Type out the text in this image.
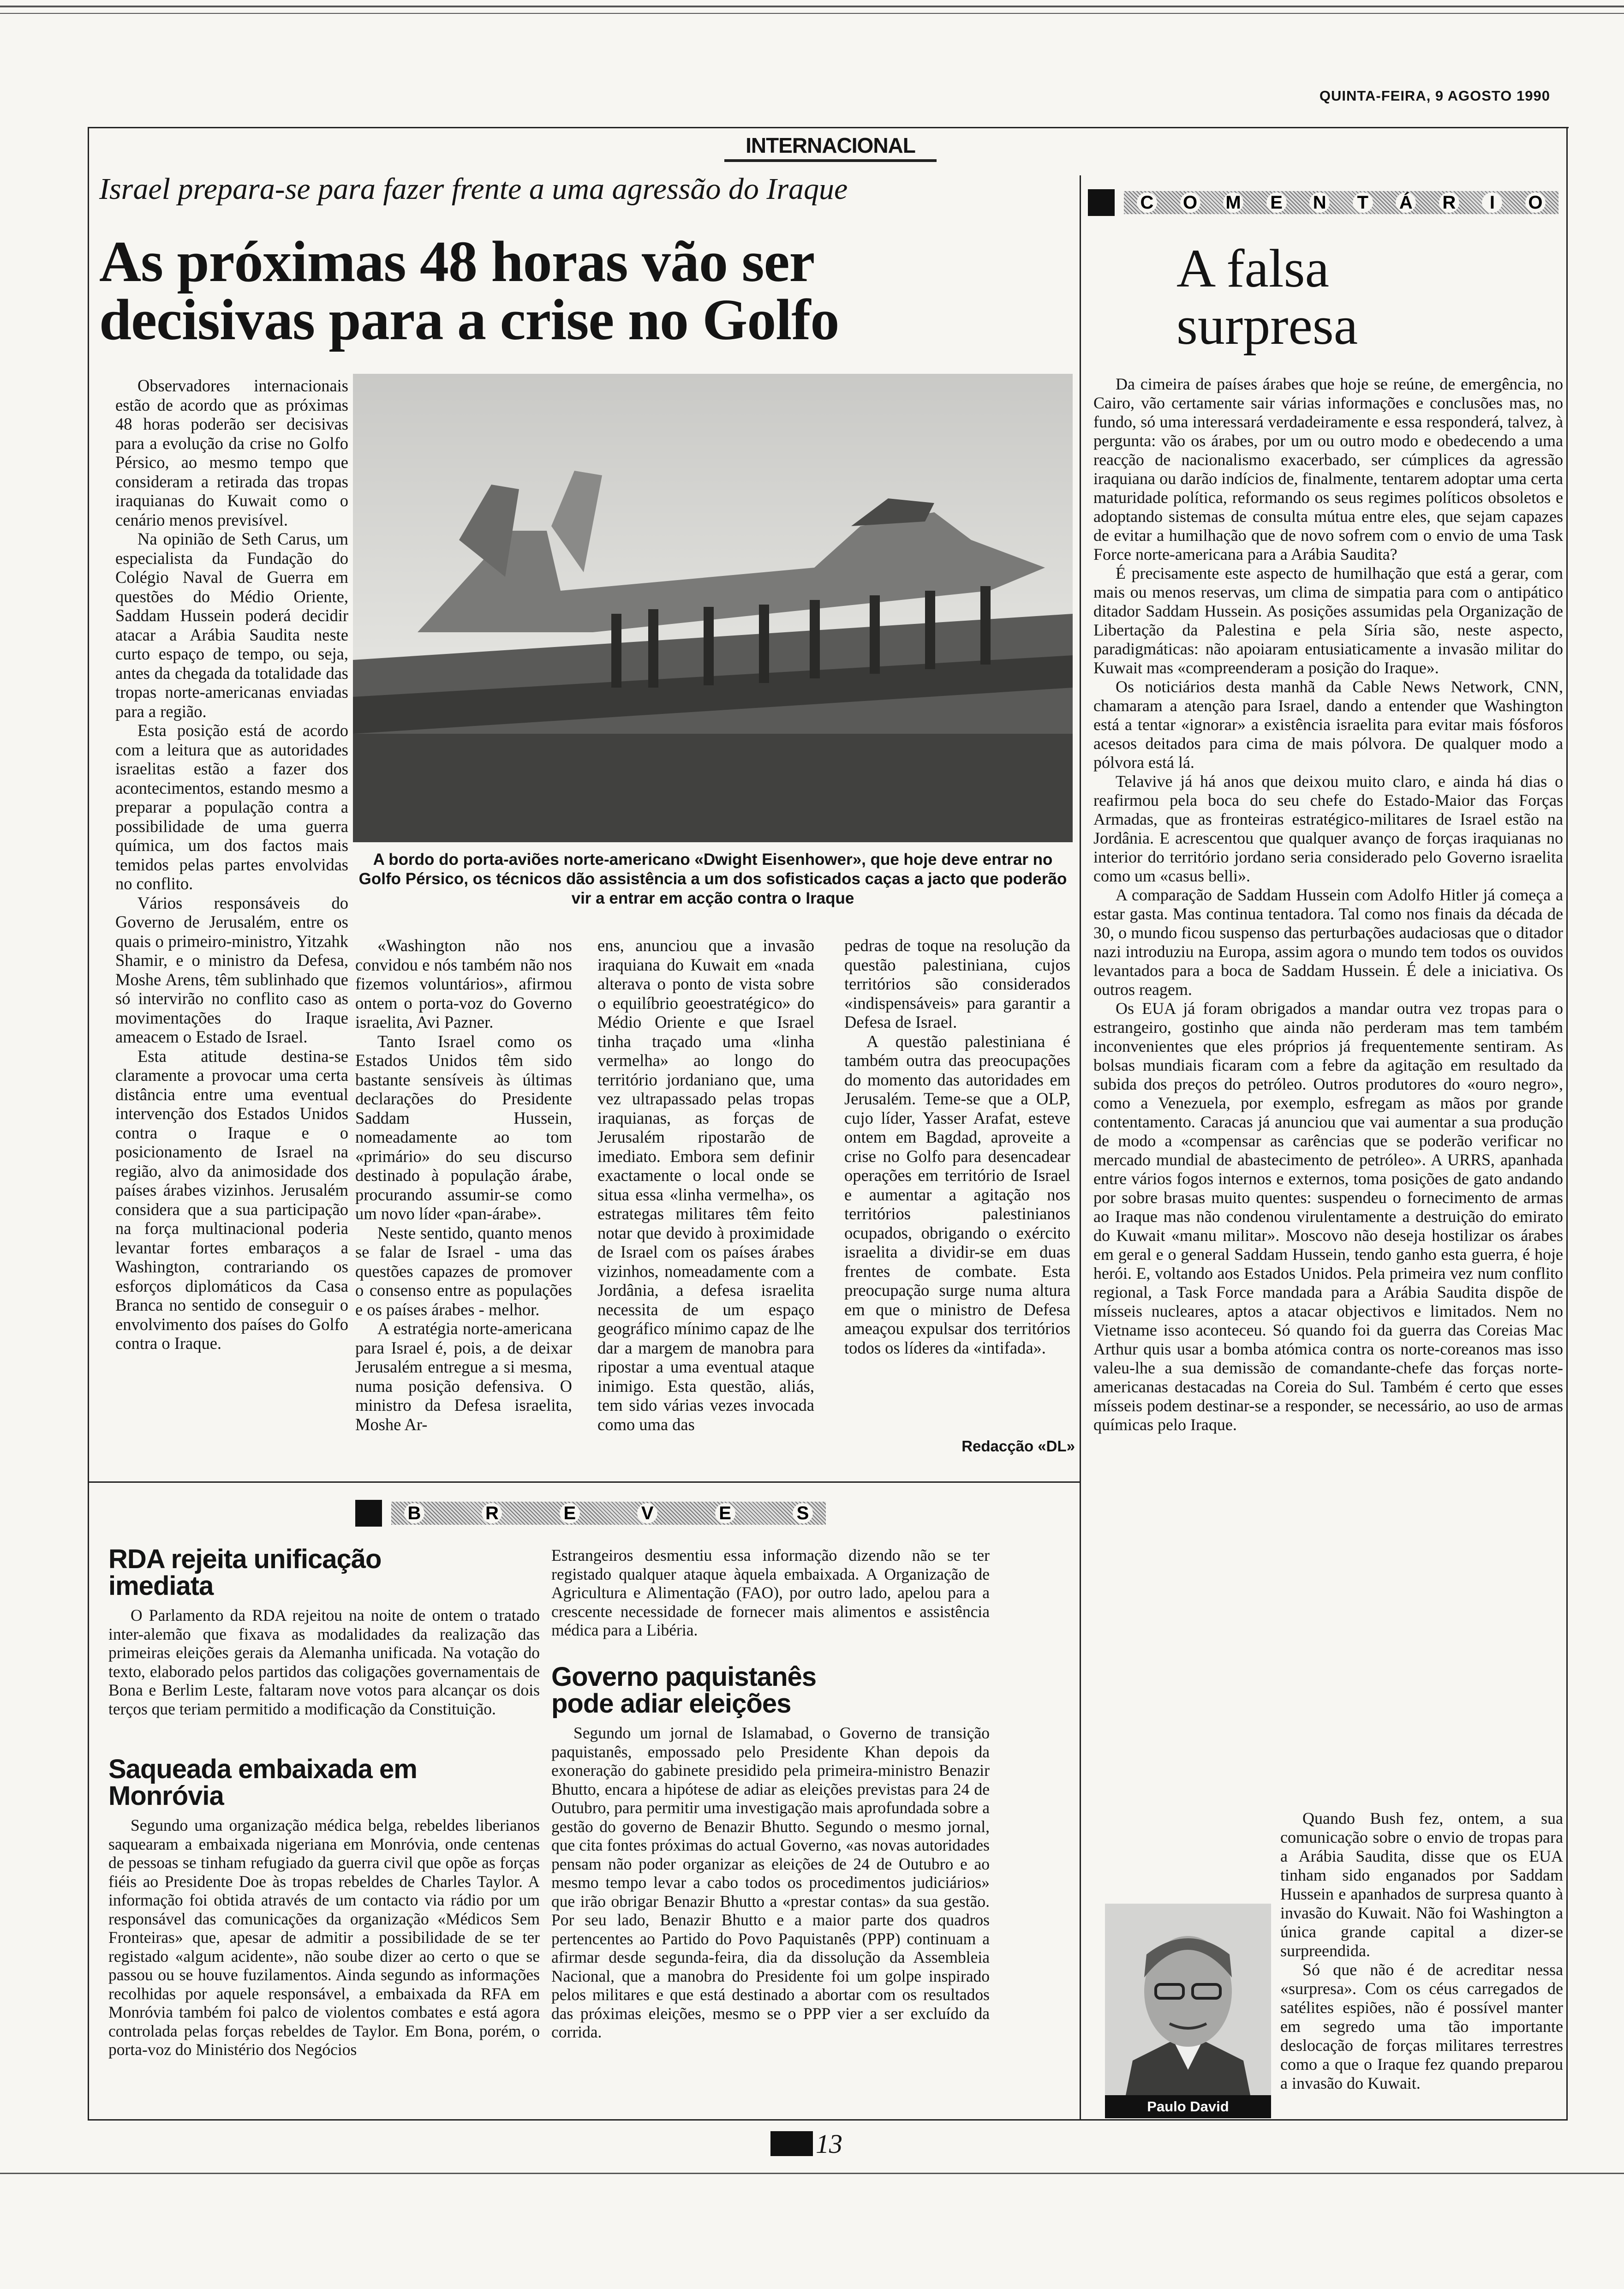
QUINTA-FEIRA, 9 AGOSTO 1990
INTERNACIONAL
Israel prepara-se para fazer frente a uma agressão do Iraque
As próximas 48 horas vão ser decisivas para a crise no Golfo

Observadores internacionais estão de acordo que as próximas 48 horas poderão ser decisivas para a evolução da crise no Golfo Pérsico, ao mesmo tempo que consideram a retirada das tropas iraquianas do Kuwait como o cenário menos previsível.

Na opinião de Seth Carus, um especialista da Fundação do Colégio Naval de Guerra em questões do Médio Oriente, Saddam Hussein poderá decidir atacar a Arábia Saudita neste curto espaço de tempo, ou seja, antes da chegada da totalidade das tropas norte-americanas enviadas para a região.

Esta posição está de acordo com a leitura que as autoridades israelitas estão a fazer dos acontecimentos, estando mesmo a preparar a população contra a possibilidade de uma guerra química, um dos factos mais temidos pelas partes envolvidas no conflito.

Vários responsáveis do Governo de Jerusalém, entre os quais o primeiro-ministro, Yitzahk Shamir, e o ministro da Defesa, Moshe Arens, têm sublinhado que só intervirão no conflito caso as movimentações do Iraque ameacem o Estado de Israel.

Esta atitude destina-se claramente a provocar uma certa distância entre uma eventual intervenção dos Estados Unidos contra o Iraque e o posicionamento de Israel na região, alvo da animosidade dos países árabes vizinhos. Jerusalém considera que a sua participação na força multinacional poderia levantar fortes embaraços a Washington, contrariando os esforços diplomáticos da Casa Branca no sentido de conseguir o envolvimento dos países do Golfo contra o Iraque.

A bordo do porta-aviões norte-americano «Dwight Eisenhower», que hoje deve entrar no Golfo Pérsico, os técnicos dão assistência a um dos sofisticados caças a jacto que poderão vir a entrar em acção contra o Iraque

«Washington não nos convidou e nós também não nos fizemos voluntários», afirmou ontem o porta-voz do Governo israelita, Avi Pazner.

Tanto Israel como os Estados Unidos têm sido bastante sensíveis às últimas declarações do Presidente Saddam Hussein, nomeadamente ao tom «primário» do seu discurso destinado à população árabe, procurando assumir-se como um novo líder «pan-árabe».

Neste sentido, quanto menos se falar de Israel - uma das questões capazes de promover o consenso entre as populações e os países árabes - melhor.

A estratégia norte-americana para Israel é, pois, a de deixar Jerusalém entregue a si mesma, numa posição defensiva. O ministro da Defesa israelita, Moshe Ar-

ens, anunciou que a invasão iraquiana do Kuwait em «nada alterava o ponto de vista sobre o equilíbrio geoestratégico» do Médio Oriente e que Israel tinha traçado uma «linha vermelha» ao longo do território jordaniano que, uma vez ultrapassado pelas tropas iraquianas, as forças de Jerusalém ripostarão de imediato. Embora sem definir exactamente o local onde se situa essa «linha vermelha», os estrategas militares têm feito notar que devido à proximidade de Israel com os países árabes vizinhos, nomeadamente com a Jordânia, a defesa israelita necessita de um espaço geográfico mínimo capaz de lhe dar a margem de manobra para ripostar a uma eventual ataque inimigo. Esta questão, aliás, tem sido várias vezes invocada como uma das

pedras de toque na resolução da questão palestiniana, cujos territórios são considerados «indispensáveis» para garantir a Defesa de Israel.

A questão palestiniana é também outra das preocupações do momento das autoridades em Jerusalém. Teme-se que a OLP, cujo líder, Yasser Arafat, esteve ontem em Bagdad, aproveite a crise no Golfo para desencadear operações em território de Israel e aumentar a agitação nos territórios palestinianos ocupados, obrigando o exército israelita a dividir-se em duas frentes de combate. Esta preocupação surge numa altura em que o ministro de Defesa ameaçou expulsar dos territórios todos os líderes da «intifada».

Redacção «DL»
C O M E N T Á R	I	O
A falsa surpresa

Da cimeira de países árabes que hoje se reúne, de emergência, no Cairo, vão certamente sair várias informações e conclusões mas, no fundo, só uma interessará verdadeiramente e essa responderá, talvez, à pergunta: vão os árabes, por um ou outro modo e obedecendo a uma reacção de nacionalismo exacerbado, ser cúmplices da agressão iraquiana ou darão indícios de, finalmente, tentarem adoptar uma certa maturidade política, reformando os seus regimes políticos obsoletos e adoptando sistemas de consulta mútua entre eles, que sejam capazes de evitar a humilhação que de novo sofrem com o envio de uma Task Force norte-americana para a Arábia Saudita?

É precisamente este aspecto de humilhação que está a gerar, com mais ou menos reservas, um clima de simpatia para com o antipático ditador Saddam Hussein. As posições assumidas pela Organização de Libertação da Palestina e pela Síria são, neste aspecto, paradigmáticas: não apoiaram entusiaticamente a invasão militar do Kuwait mas «compreenderam a posição do Iraque».

Os noticiários desta manhã da Cable News Network, CNN, chamaram a atenção para Israel, dando a entender que Washington está a tentar «ignorar» a existência israelita para evitar mais fósforos acesos deitados para cima de mais pólvora. De qualquer modo a pólvora está lá.

Telavive já há anos que deixou muito claro, e ainda há dias o reafirmou pela boca do seu chefe do Estado-Maior das Forças Armadas, que as fronteiras estratégico-militares de Israel estão na Jordânia. E acrescentou que qualquer avanço de forças iraquianas no interior do território jordano seria considerado pelo Governo israelita como um «casus belli».

A comparação de Saddam Hussein com Adolfo Hitler já começa a estar gasta. Mas continua tentadora. Tal como nos finais da década de 30, o mundo ficou suspenso das perturbações audaciosas que o ditador nazi introduziu na Europa, assim agora o mundo tem todos os ouvidos levantados para a boca de Saddam Hussein. É dele a iniciativa. Os outros reagem.

Os EUA já foram obrigados a mandar outra vez tropas para o estrangeiro, gostinho que ainda não perderam mas tem também inconvenientes que eles próprios já frequentemente sentiram. As bolsas mundiais ficaram com a febre da agitação em resultado da subida dos preços do petróleo. Outros produtores do «ouro negro», como a Venezuela, por exemplo, esfregam as mãos por grande contentamento. Caracas já anunciou que vai aumentar a sua produção de modo a «compensar as carências que se poderão verificar no mercado mundial de abastecimento de petróleo». A URRS, apanhada entre vários fogos internos e externos, toma posições de gato andando por sobre brasas muito quentes: suspendeu o fornecimento de armas ao Iraque mas não condenou virulentamente a destruição do emirato do Kuwait «manu militar». Moscovo não deseja hostilizar os árabes em geral e o general Saddam Hussein, tendo ganho esta guerra, é hoje herói. E, voltando aos Estados Unidos. Pela primeira vez num conflito regional, a Task Force mandada para a Arábia Saudita dispõe de mísseis nucleares, aptos a atacar objectivos e limitados. Nem no Vietname isso aconteceu. Só quando foi da guerra das Coreias Mac Arthur quis usar a bomba atómica contra os norte-coreanos mas isso valeu-lhe a sua demissão de comandante-chefe das forças norte-americanas destacadas na Coreia do Sul. Também é certo que esses mísseis podem destinar-se a responder, se necessário, ao uso de armas químicas pelo Iraque.

Quando Bush fez, ontem, a sua comunicação sobre o envio de tropas para a Arábia Saudita, disse que os EUA tinham sido enganados por Saddam Hussein e apanhados de surpresa quanto à invasão do Kuwait. Não foi Washington a única grande capital a dizer-se surpreendida.

Só que não é de acreditar nessa «surpresa». Com os céus carregados de satélites espiões, não é possível manter em segredo uma tão importante deslocação de forças militares terrestres como a que o Iraque fez quando preparou a invasão do Kuwait.

Paulo David
B	R	E	V	E	S
RDA rejeita unificação imediata

O Parlamento da RDA rejeitou na noite de ontem o tratado inter-alemão que fixava as modalidades da realização das primeiras eleições gerais da Alemanha unificada. Na votação do texto, elaborado pelos partidos das coligações governamentais de Bona e Berlim Leste, faltaram nove votos para alcançar os dois terços que teriam permitido a modificação da Constituição.

Saqueada embaixada em Monróvia

Segundo uma organização médica belga, rebeldes liberianos saquearam a embaixada nigeriana em Monróvia, onde centenas de pessoas se tinham refugiado da guerra civil que opõe as forças fiéis ao Presidente Doe às tropas rebeldes de Charles Taylor. A informação foi obtida através de um contacto via rádio por um responsável das comunicações da organização «Médicos Sem Fronteiras» que, apesar de admitir a possibilidade de se ter registado «algum acidente», não soube dizer ao certo o que se passou ou se houve fuzilamentos. Ainda segundo as informações recolhidas por aquele responsável, a embaixada da RFA em Monróvia também foi palco de violentos combates e está agora controlada pelas forças rebeldes de Taylor. Em Bona, porém, o porta-voz do Ministério dos Negócios

Estrangeiros desmentiu essa informação dizendo não se ter registado qualquer ataque àquela embaixada. A Organização de Agricultura e Alimentação (FAO), por outro lado, apelou para a crescente necessidade de fornecer mais alimentos e assistência médica para a Libéria.

Governo paquistanês pode adiar eleições

Segundo um jornal de Islamabad, o Governo de transição paquistanês, empossado pelo Presidente Khan depois da exoneração do gabinete presidido pela primeira-ministro Benazir Bhutto, encara a hipótese de adiar as eleições previstas para 24 de Outubro, para permitir uma investigação mais aprofundada sobre a gestão do governo de Benazir Bhutto. Segundo o mesmo jornal, que cita fontes próximas do actual Governo, «as novas autoridades pensam não poder organizar as eleições de 24 de Outubro e ao mesmo tempo levar a cabo todos os procedimentos judiciários» que irão obrigar Benazir Bhutto a «prestar contas» da sua gestão. Por seu lado, Benazir Bhutto e a maior parte dos quadros pertencentes ao Partido do Povo Paquistanês (PPP) continuam a afirmar desde segunda-feira, dia da dissolução da Assembleia Nacional, que a manobra do Presidente foi um golpe inspirado pelos militares e que está destinado a abortar com os resultados das próximas eleições, mesmo se o PPP vier a ser excluído da corrida.

13
